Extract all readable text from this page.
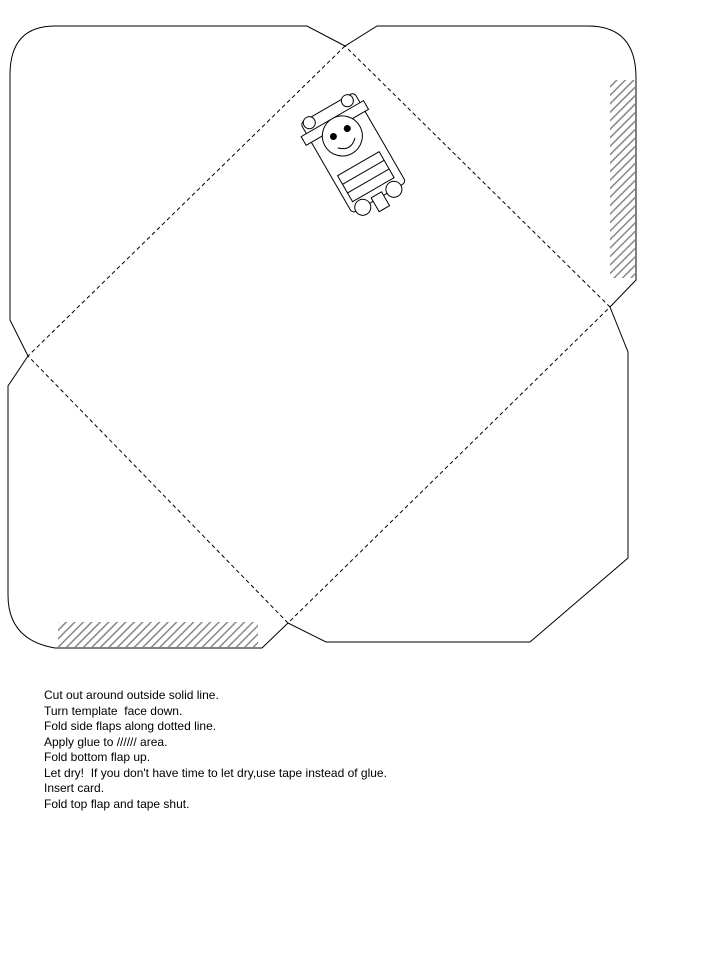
Cut out around outside solid line.
Turn template  face down.
Fold side flaps along dotted line.
Apply glue to ////// area.
Fold bottom flap up.
Let dry!  If you don't have time to let dry,use tape instead of glue.
Insert card.
Fold top flap and tape shut.
